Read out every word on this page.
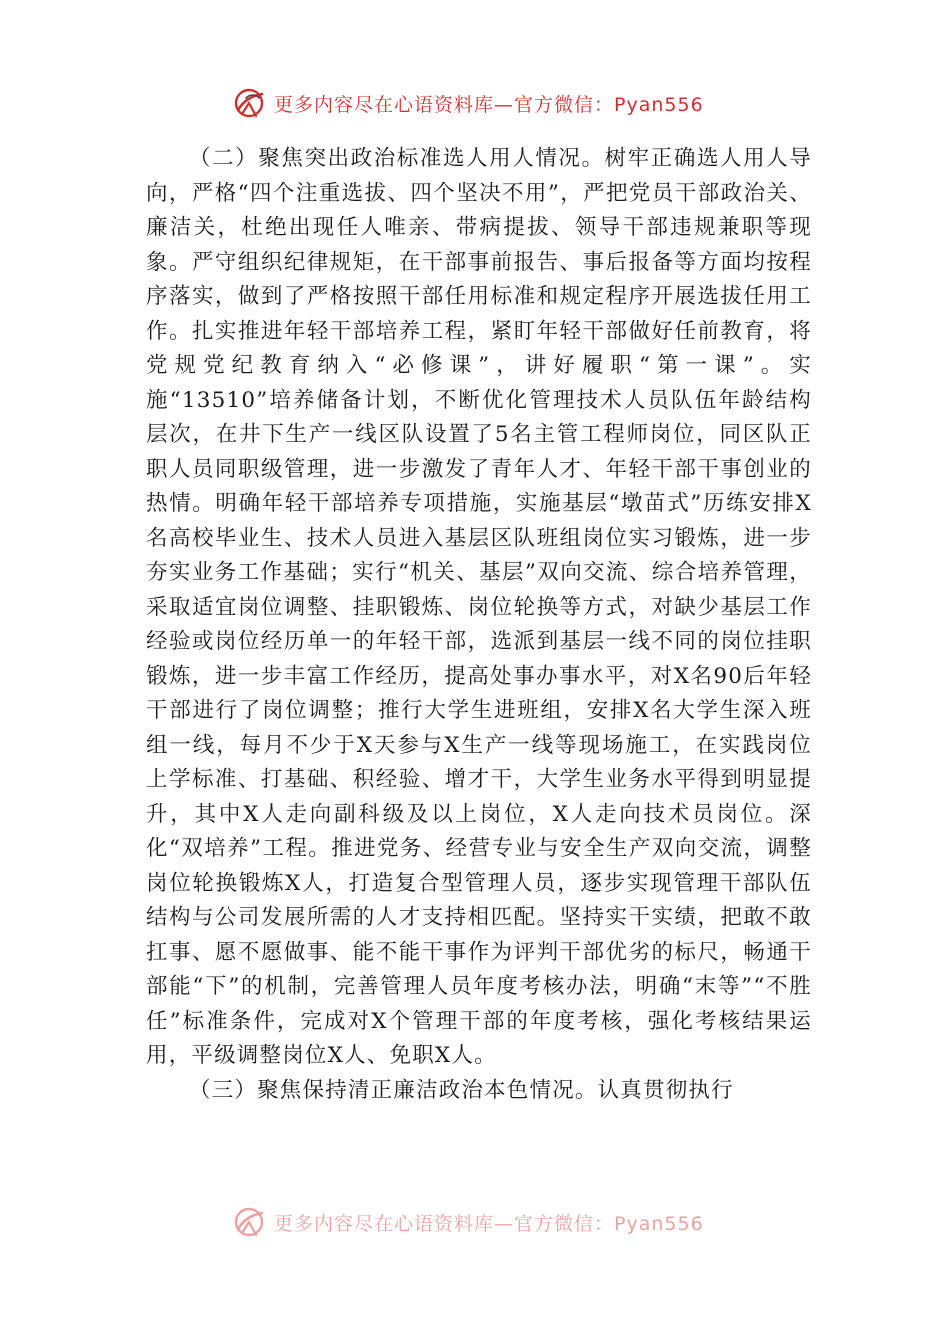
更多内容尽在心语资料库—官方微信：Pyan556

（二）聚焦突出政治标准选人用人情况。树牢正确选人用人导向，严格“四个注重选拔、四个坚决不用”，严把党员干部政治关、廉洁关，杜绝出现任人唯亲、带病提拔、领导干部违规兼职等现象。严守组织纪律规矩，在干部事前报告、事后报备等方面均按程序落实，做到了严格按照干部任用标准和规定程序开展选拔任用工作。扎实推进年轻干部培养工程，紧盯年轻干部做好任前教育，将党规党纪教育纳入“必修课”，讲好履职“第一课”。实施“13510”培养储备计划，不断优化管理技术人员队伍年龄结构层次，在井下生产一线区队设置了5名主管工程师岗位，同区队正职人员同职级管理，进一步激发了青年人才、年轻干部干事创业的热情。明确年轻干部培养专项措施，实施基层“墩苗式”历练安排X名高校毕业生、技术人员进入基层区队班组岗位实习锻炼，进一步夯实业务工作基础；实行“机关、基层”双向交流、综合培养管理，采取适宜岗位调整、挂职锻炼、岗位轮换等方式，对缺少基层工作经验或岗位经历单一的年轻干部，选派到基层一线不同的岗位挂职锻炼，进一步丰富工作经历，提高处事办事水平，对X名90后年轻干部进行了岗位调整；推行大学生进班组，安排X名大学生深入班组一线，每月不少于X天参与X生产一线等现场施工，在实践岗位上学标准、打基础、积经验、增才干，大学生业务水平得到明显提升，其中X人走向副科级及以上岗位，X人走向技术员岗位。深化“双培养”工程。推进党务、经营专业与安全生产双向交流，调整岗位轮换锻炼X人，打造复合型管理人员，逐步实现管理干部队伍结构与公司发展所需的人才支持相匹配。坚持实干实绩，把敢不敢扛事、愿不愿做事、能不能干事作为评判干部优劣的标尺，畅通干部能“下”的机制，完善管理人员年度考核办法，明确“末等”“不胜任”标准条件，完成对X个管理干部的年度考核，强化考核结果运用，平级调整岗位X人、免职X人。

（三）聚焦保持清正廉洁政治本色情况。认真贯彻执行

更多内容尽在心语资料库—官方微信：Pyan556
